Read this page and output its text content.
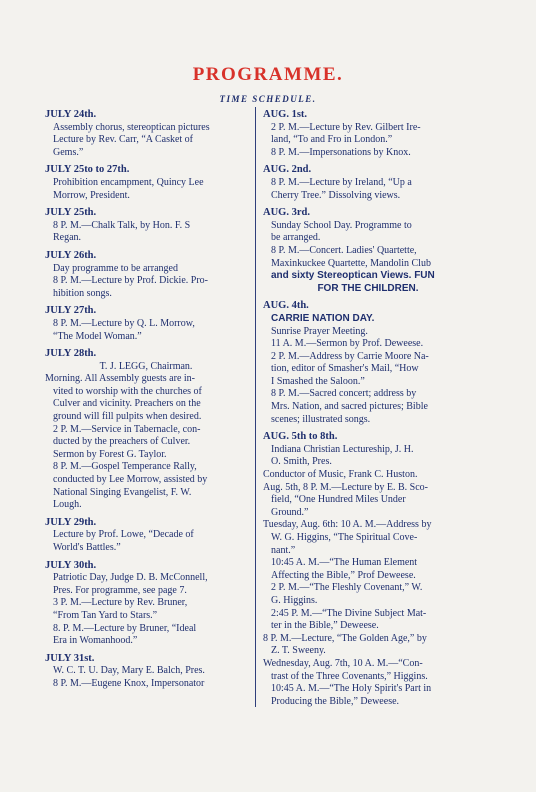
PROGRAMME.
TIME SCHEDULE.
JULY 24th.
Assembly chorus, stereoptican pictures
Lecture by Rev. Carr, “A Casket of
Gems.”
JULY 25to to 27th.
Prohibition encampment, Quincy Lee
Morrow, President.
JULY 25th.
8 P. M.—Chalk Talk, by Hon. F. S
Regan.
JULY 26th.
Day programme to be arranged
8 P. M.—Lecture by Prof. Dickie. Pro-
hibition songs.
JULY 27th.
8 P. M.—Lecture by Q. L. Morrow,
“The Model Woman.”
JULY 28th.
T. J. LEGG, Chairman.
Morning. All Assembly guests are in-
vited to worship with the churches of
Culver and vicinity. Preachers on the
ground will fill pulpits when desired.
2 P. M.—Service in Tabernacle, con-
ducted by the preachers of Culver.
Sermon by Forest G. Taylor.
8 P. M.—Gospel Temperance Rally,
conducted by Lee Morrow, assisted by
National Singing Evangelist, F. W.
Lough.
JULY 29th.
Lecture by Prof. Lowe, “Decade of
World's Battles.”
JULY 30th.
Patriotic Day, Judge D. B. McConnell,
Pres. For programme, see page 7.
3 P. M.—Lecture by Rev. Bruner,
“From Tan Yard to Stars.”
8. P. M.—Lecture by Bruner, “Ideal
Era in Womanhood.”
JULY 31st.
W. C. T. U. Day, Mary E. Balch, Pres.
8 P. M.—Eugene Knox, Impersonator
AUG. 1st.
2 P. M.—Lecture by Rev. Gilbert Ire-
land, “To and Fro in London.”
8 P. M.—Impersonations by Knox.
AUG. 2nd.
8 P. M.—Lecture by Ireland, “Up a
Cherry Tree.” Dissolving views.
AUG. 3rd.
Sunday School Day. Programme to
be arranged.
8 P. M.—Concert. Ladies' Quartette,
Maxinkuckee Quartette, Mandolin Club
and sixty Stereoptican Views. FUN
FOR THE CHILDREN.
AUG. 4th.
CARRIE NATION DAY.
Sunrise Prayer Meeting.
11 A. M.—Sermon by Prof. Deweese.
2 P. M.—Address by Carrie Moore Na-
tion, editor of Smasher's Mail, “How
I Smashed the Saloon.”
8 P. M.—Sacred concert; address by
Mrs. Nation, and sacred pictures; Bible
scenes; illustrated songs.
AUG. 5th to 8th.
Indiana Christian Lectureship, J. H.
O. Smith, Pres.
Conductor of Music, Frank C. Huston.
Aug. 5th, 8 P. M.—Lecture by E. B. Sco-
field, “One Hundred Miles Under
Ground.”
Tuesday, Aug. 6th: 10 A. M.—Address by
W. G. Higgins, “The Spiritual Cove-
nant.”
10:45 A. M.—“The Human Element
Affecting the Bible,” Prof Deweese.
2 P. M.—“The Fleshly Covenant,” W.
G. Higgins.
2:45 P. M.—“The Divine Subject Mat-
ter in the Bible,” Deweese.
8 P. M.—Lecture, “The Golden Age,” by
Z. T. Sweeny.
Wednesday, Aug. 7th, 10 A. M.—“Con-
trast of the Three Covenants,” Higgins.
10:45 A. M.—“The Holy Spirit's Part in
Producing the Bible,” Deweese.
